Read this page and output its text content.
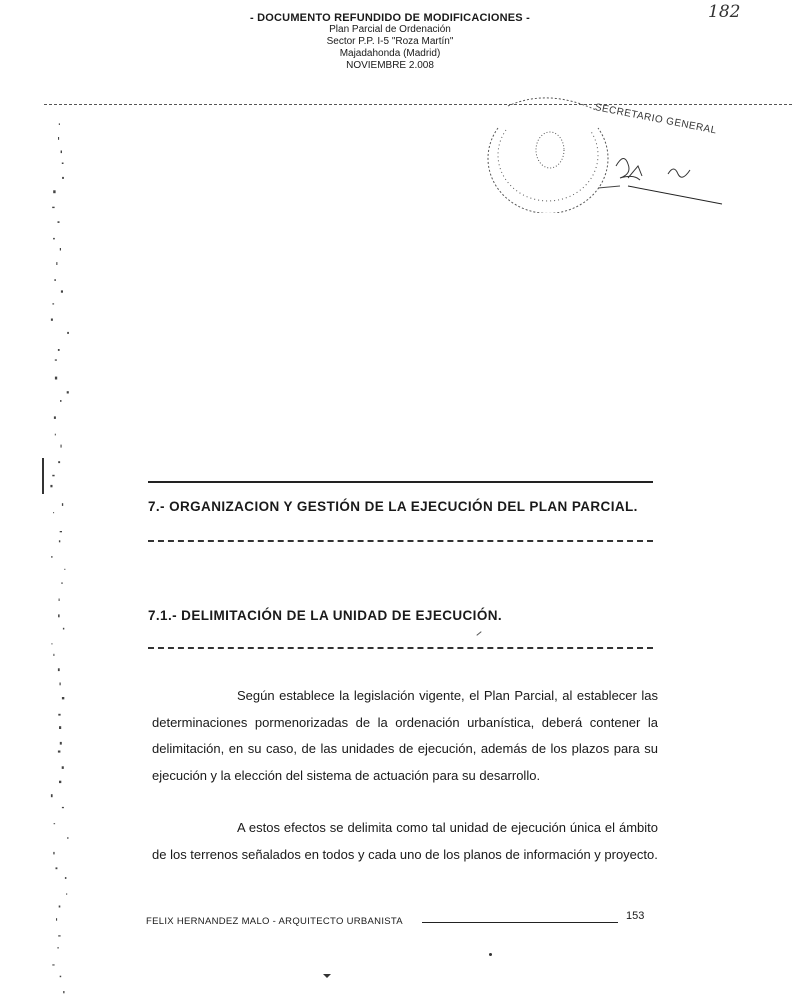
- DOCUMENTO REFUNDIDO DE MODIFICACIONES -
Plan Parcial de Ordenación
Sector P.P. I-5 "Roza Martín"
Majadahonda (Madrid)
NOVIEMBRE 2.008
182
SECRETARIO GENERAL
7.- ORGANIZACION Y GESTIÓN DE LA EJECUCIÓN DEL PLAN PARCIAL.
7.1.- DELIMITACIÓN DE LA UNIDAD DE EJECUCIÓN.
Según establece la legislación vigente, el Plan Parcial, al establecer las determinaciones pormenorizadas de la ordenación urbanística, deberá contener la delimitación, en su caso, de las unidades de ejecución, además de los plazos para su ejecución y la elección del sistema de actuación para su desarrollo.
A estos efectos se delimita como tal unidad de ejecución única el ámbito de los terrenos señalados en todos y cada uno de los planos de información y proyecto.
FELIX HERNANDEZ MALO - ARQUITECTO URBANISTA	153
